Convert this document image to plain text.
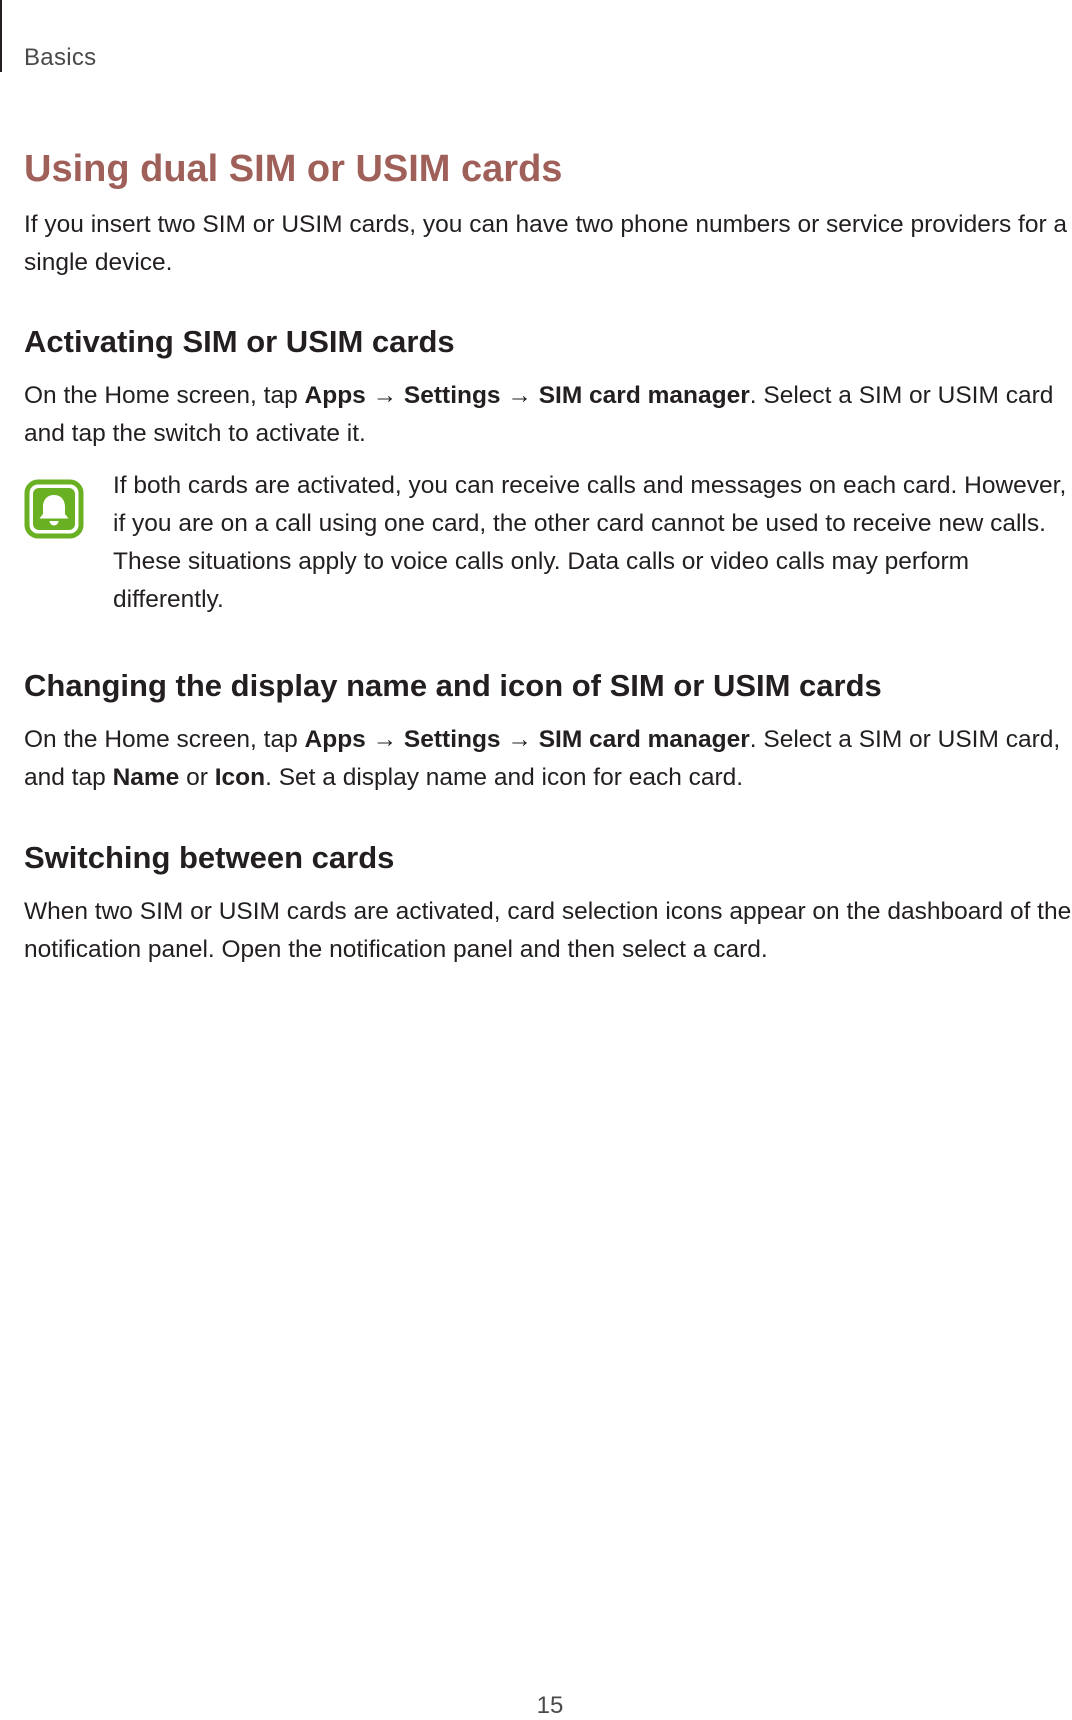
Basics
Using dual SIM or USIM cards

If you insert two SIM or USIM cards, you can have two phone numbers or service providers for a single device.

Activating SIM or USIM cards

On the Home screen, tap Apps → Settings → SIM card manager. Select a SIM or USIM card and tap the switch to activate it.

If both cards are activated, you can receive calls and messages on each card. However, if you are on a call using one card, the other card cannot be used to receive new calls. These situations apply to voice calls only. Data calls or video calls may perform differently.

Changing the display name and icon of SIM or USIM cards

On the Home screen, tap Apps → Settings → SIM card manager. Select a SIM or USIM card, and tap Name or Icon. Set a display name and icon for each card.

Switching between cards

When two SIM or USIM cards are activated, card selection icons appear on the dashboard of the notification panel. Open the notification panel and then select a card.

15
